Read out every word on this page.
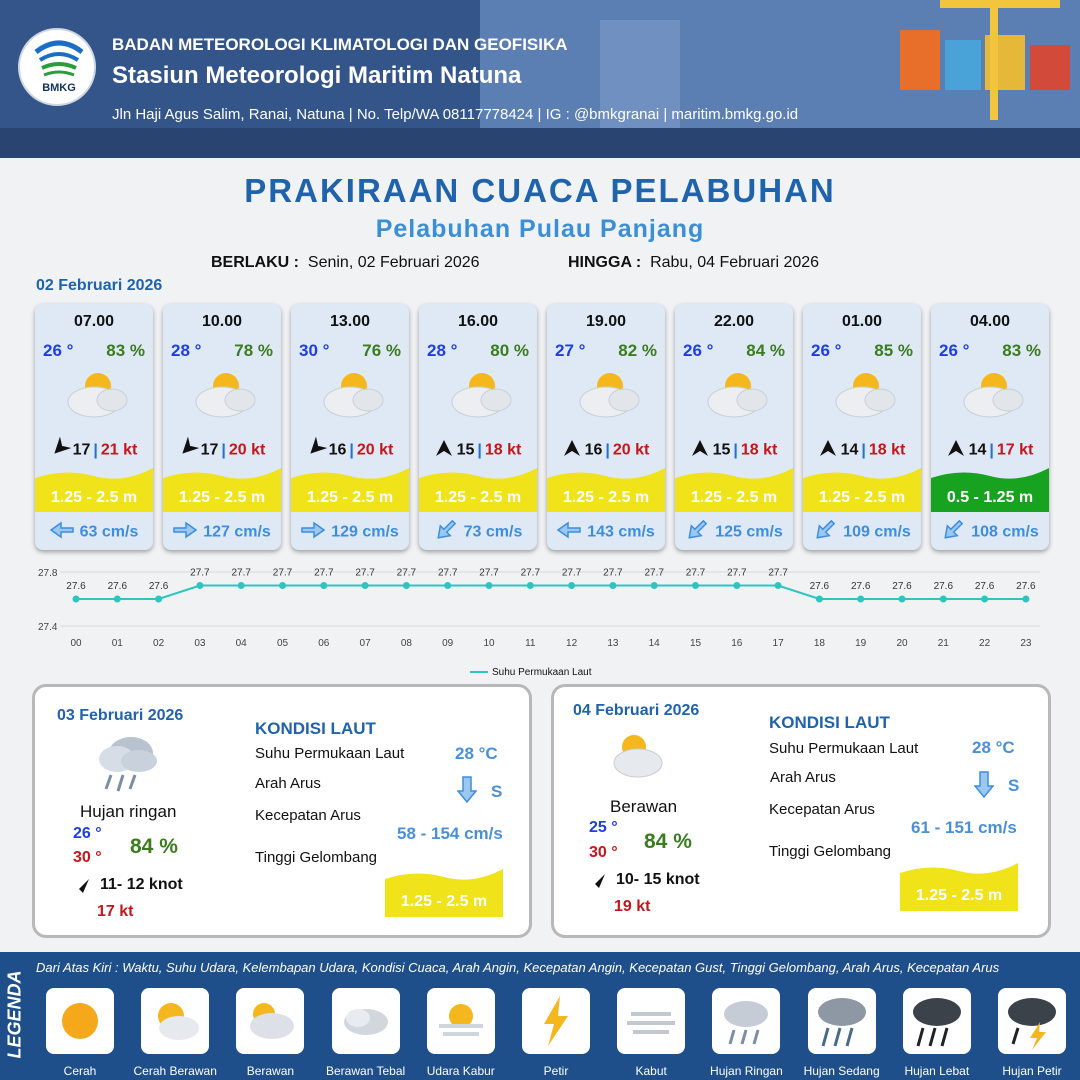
BMKG
BADAN METEOROLOGI KLIMATOLOGI DAN GEOFISIKA
Stasiun Meteorologi Maritim Natuna
Jln Haji Agus Salim, Ranai, Natuna | No. Telp/WA 08117778424 | IG : @bmkgranai | maritim.bmkg.go.id
PRAKIRAAN CUACA PELABUHAN
Pelabuhan Pulau Panjang
BERLAKU : Senin, 02 Februari 2026	HINGGA : Rabu, 04 Februari 2026
02 Februari 2026
07.00
26 ° 83 %
17 | 21 kt
1.25 - 2.5 m
63 cm/s
10.00
28 ° 78 %
17 | 20 kt
1.25 - 2.5 m
127 cm/s
13.00
30 ° 76 %
16 | 20 kt
1.25 - 2.5 m
129 cm/s
16.00
28 ° 80 %
15 | 18 kt
1.25 - 2.5 m
73 cm/s
19.00
27 ° 82 %
16 | 20 kt
1.25 - 2.5 m
143 cm/s
22.00
26 ° 84 %
15 | 18 kt
1.25 - 2.5 m
125 cm/s
01.00
26 ° 85 %
14 | 18 kt
1.25 - 2.5 m
109 cm/s
04.00
26 ° 83 %
14 | 17 kt
0.5 - 1.25 m
108 cm/s
27.8
27.4
27.6
00
27.6
01
27.6
02
27.7
03
27.7
04
27.7
05
27.7
06
27.7
07
27.7
08
27.7
09
27.7
10
27.7
11
27.7
12
27.7
13
27.7
14
27.7
15
27.7
16
27.7
17
27.6
18
27.6
19
27.6
20
27.6
21
27.6
22
27.6
23
Suhu Permukaan Laut
03 Februari 2026
Hujan ringan
26 °
30 ° 84 %
11- 12 knot
17 kt
KONDISI LAUT
Suhu Permukaan Laut	28 °C
Arah Arus	S
Kecepatan Arus
58 - 154 cm/s
Tinggi Gelombang
1.25 - 2.5 m
04 Februari 2026
Berawan
25 °
30 ° 84 %
10- 15 knot
19 kt
KONDISI LAUT
Suhu Permukaan Laut	28 °C
Arah Arus	S
Kecepatan Arus
61 - 151 cm/s
Tinggi Gelombang
1.25 - 2.5 m
LEGENDA
Dari Atas Kiri : Waktu, Suhu Udara, Kelembapan Udara, Kondisi Cuaca, Arah Angin, Kecepatan Angin, Kecepatan Gust, Tinggi Gelombang, Arah Arus, Kecepatan Arus
Cerah	Cerah Berawan	Berawan	Berawan Tebal	Udara Kabur	Petir	Kabut	Hujan Ringan	Hujan Sedang	Hujan Lebat	Hujan Petir
